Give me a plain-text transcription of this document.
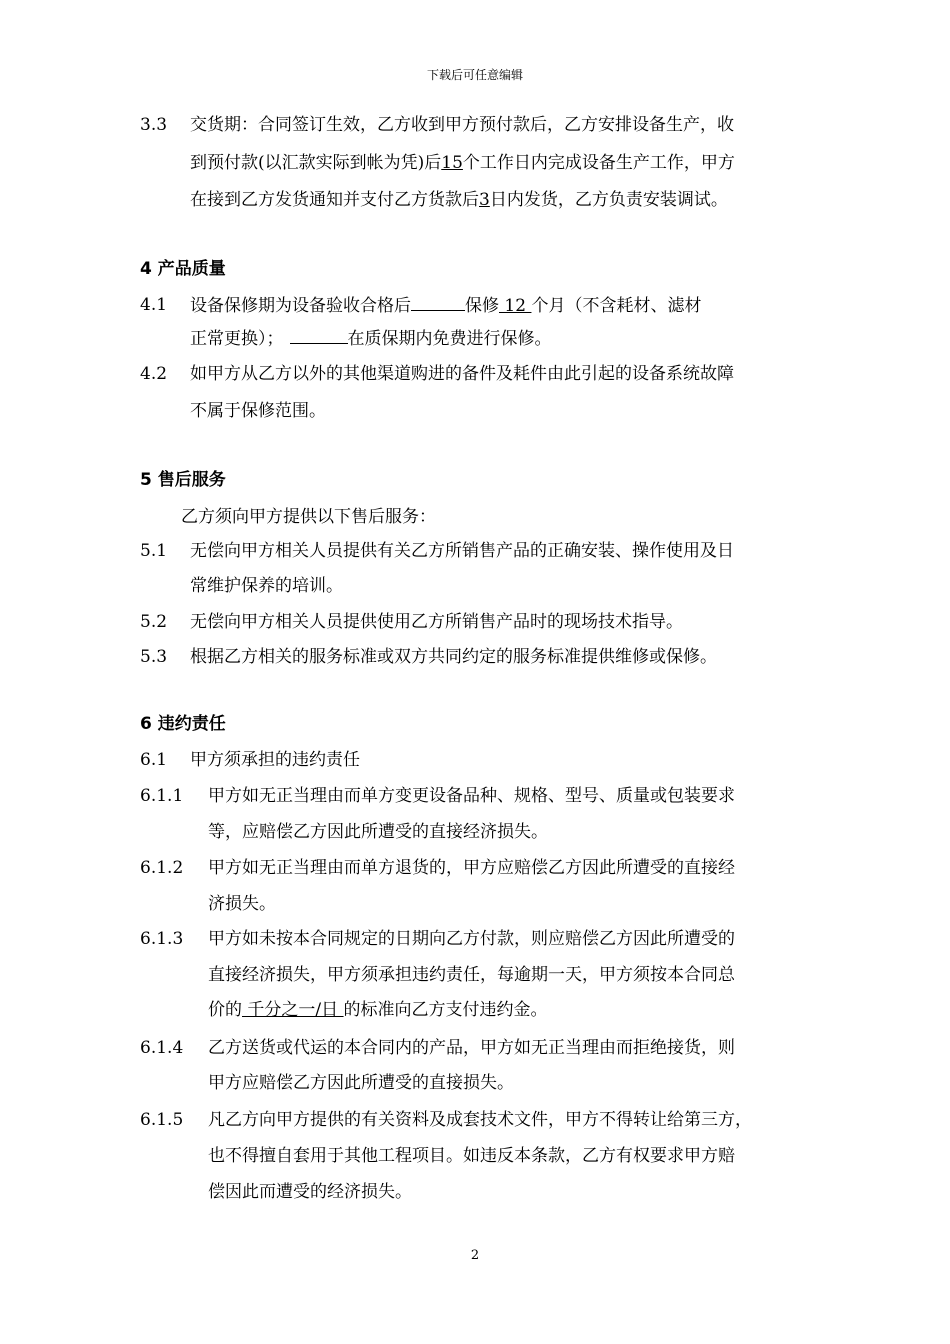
下载后可任意编辑
3.3 交货期：合同签订生效，乙方收到甲方预付款后，乙方安排设备生产，收
到预付款(以汇款实际到帐为凭)后15个工作日内完成设备生产工作，甲方
在接到乙方发货通知并支付乙方货款后3日内发货，乙方负责安装调试。
4 产品质量
4.1 设备保修期为设备验收合格后	保修 12 个月（不含耗材、滤材
正常更换）；	在质保期内免费进行保修。
4.2 如甲方从乙方以外的其他渠道购进的备件及耗件由此引起的设备系统故障
不属于保修范围。
5 售后服务
乙方须向甲方提供以下售后服务：
5.1 无偿向甲方相关人员提供有关乙方所销售产品的正确安装、操作使用及日
常维护保养的培训。
5.2 无偿向甲方相关人员提供使用乙方所销售产品时的现场技术指导。
5.3 根据乙方相关的服务标准或双方共同约定的服务标准提供维修或保修。
6 违约责任
6.1 甲方须承担的违约责任
6.1.1 甲方如无正当理由而单方变更设备品种、规格、型号、质量或包装要求
等，应赔偿乙方因此所遭受的直接经济损失。
6.1.2 甲方如无正当理由而单方退货的，甲方应赔偿乙方因此所遭受的直接经
济损失。
6.1.3 甲方如未按本合同规定的日期向乙方付款，则应赔偿乙方因此所遭受的
直接经济损失，甲方须承担违约责任，每逾期一天，甲方须按本合同总
价的 千分之一/日 的标准向乙方支付违约金。
6.1.4 乙方送货或代运的本合同内的产品，甲方如无正当理由而拒绝接货，则
甲方应赔偿乙方因此所遭受的直接损失。
6.1.5 凡乙方向甲方提供的有关资料及成套技术文件，甲方不得转让给第三方，
也不得擅自套用于其他工程项目。如违反本条款，乙方有权要求甲方赔
偿因此而遭受的经济损失。
2
